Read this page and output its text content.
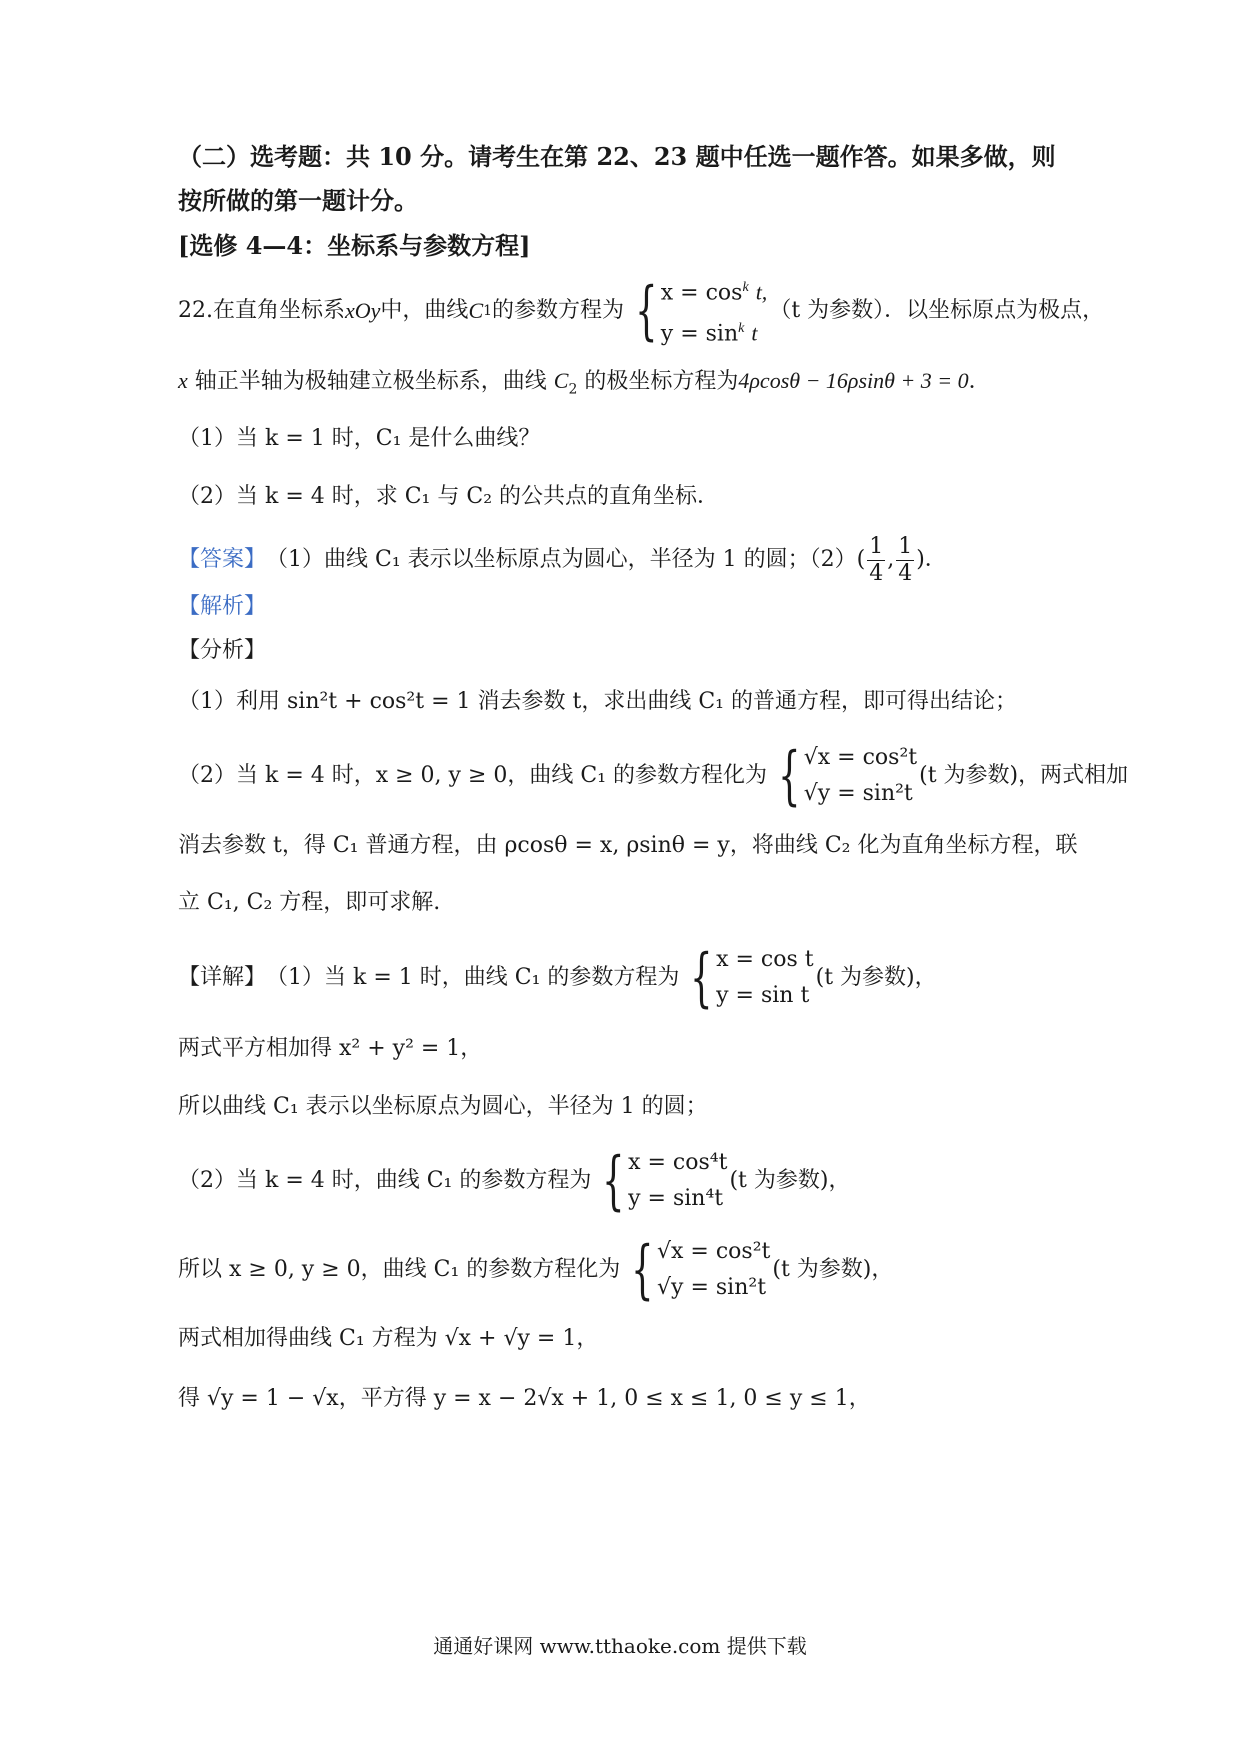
（二）选考题：共 10 分。请考生在第 22、23 题中任选一题作答。如果多做，则
按所做的第一题计分。
[选修 4—4：坐标系与参数方程]
22.在直角坐标系 xOy 中，曲线 C 1 的参数方程为 { $x = \cos^k t$,
$y = \sin^k t$
（t 为参数）．以坐标原点为极点，
x 轴正半轴为极轴建立极坐标系，曲线 $C_2$ 的极坐标方程为4ρcosθ − 16ρsinθ + 3 = 0．
（1）当 k = 1 时，C₁ 是什么曲线？
（2）当 k = 4 时，求 C₁ 与 C₂ 的公共点的直角坐标．
【答案】 （1）曲线 C₁ 表示以坐标原点为圆心，半径为 1 的圆；$(2)( \frac{1}{4}$ , $\frac{1}{4}$ )．
【解析】
【分析】
（1）利用 sin²t + cos²t = 1 消去参数 t，求出曲线 C₁ 的普通方程，即可得出结论；
（2）当 k = 4 时，x ≥ 0, y ≥ 0，曲线 C₁ 的参数方程化为 { √x = cos²t
√y = sin²t
(t 为参数)，两式相加
消去参数 t，得 C₁ 普通方程，由 ρcosθ = x, ρsinθ = y，将曲线 C₂ 化为直角坐标方程，联
立 C₁, C₂ 方程，即可求解.
【详解】 （1）当 k = 1 时，曲线 C₁ 的参数方程为 { x = cos t
y = sin t
(t 为参数)，
两式平方相加得 x² + y² = 1，
所以曲线 C₁ 表示以坐标原点为圆心，半径为 1 的圆；
（2）当 k = 4 时，曲线 C₁ 的参数方程为 { x = cos⁴t
y = sin⁴t
(t 为参数)，
所以 x ≥ 0, y ≥ 0，曲线 C₁ 的参数方程化为 { √x = cos²t
√y = sin²t
(t 为参数)，
两式相加得曲线 C₁ 方程为 √x + √y = 1，
得 √y = 1 − √x，平方得 y = x − 2√x + 1, 0 ≤ x ≤ 1, 0 ≤ y ≤ 1，
通通好课网 www.tthaoke.com 提供下载
